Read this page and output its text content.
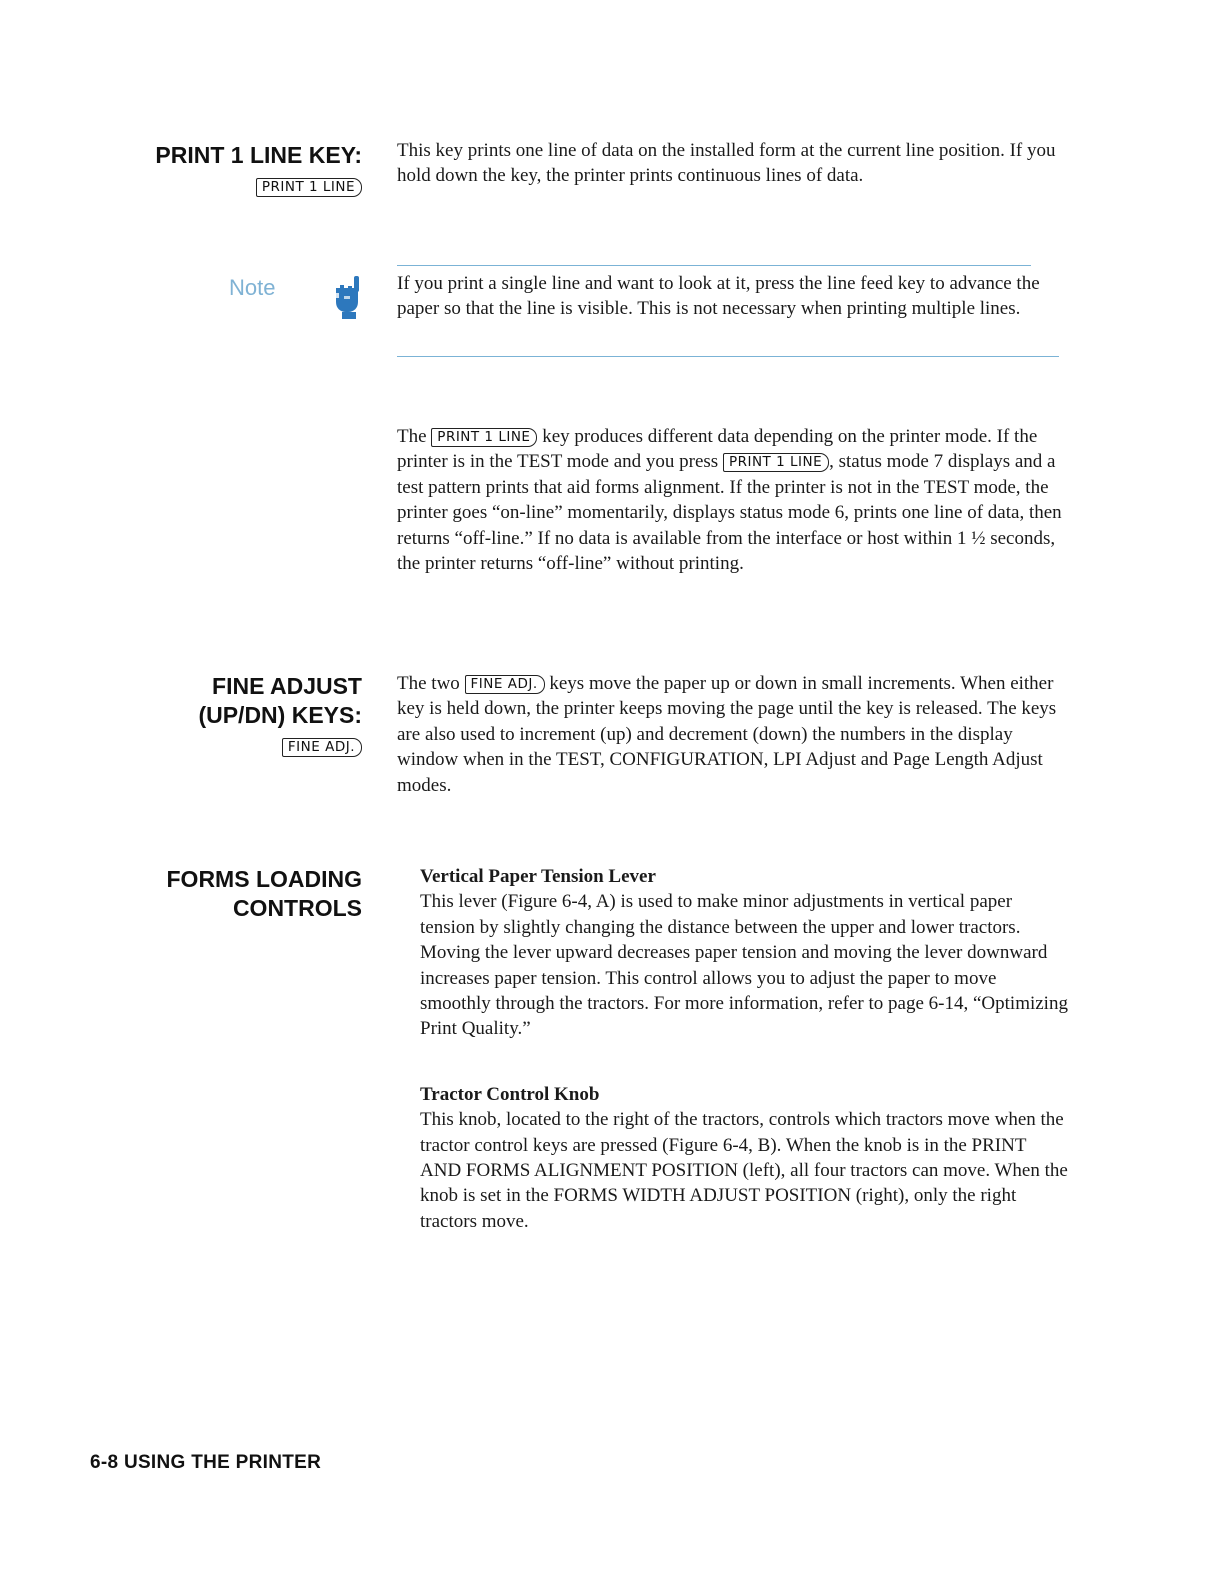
PRINT 1 LINE KEY:
PRINT 1 LINE

This key prints one line of data on the installed form at the current line position. If you hold down the key, the printer prints continuous lines of data.

Note	If you print a single line and want to look at it, press the line feed key to advance the paper so that the line is visible. This is not necessary when printing multiple lines.

The PRINT 1 LINE key produces different data depending on the printer mode. If the printer is in the TEST mode and you press PRINT 1 LINE , status mode 7 displays and a test pattern prints that aid forms alignment. If the printer is not in the TEST mode, the printer goes “on-line” momentarily, displays status mode 6, prints one line of data, then returns “off-line.” If no data is available from the interface or host within 1 ½ seconds, the printer returns “off-line” without printing.

FINE ADJUST
(UP/DN) KEYS:
FINE ADJ.

The two FINE ADJ. keys move the paper up or down in small increments. When either key is held down, the printer keeps moving the page until the key is released. The keys are also used to increment (up) and decrement (down) the numbers in the display window when in the TEST, CONFIGURATION, LPI Adjust and Page Length Adjust modes.

FORMS LOADING
CONTROLS

Vertical Paper Tension Lever

This lever (Figure 6-4, A) is used to make minor adjustments in vertical paper tension by slightly changing the distance between the upper and lower tractors. Moving the lever upward decreases paper tension and moving the lever downward increases paper tension. This control allows you to adjust the paper to move smoothly through the tractors. For more information, refer to page 6-14, “Optimizing Print Quality.”

Tractor Control Knob

This knob, located to the right of the tractors, controls which tractors move when the tractor control keys are pressed (Figure 6-4, B). When the knob is in the PRINT AND FORMS ALIGNMENT POSITION (left), all four tractors can move. When the knob is set in the FORMS WIDTH ADJUST POSITION (right), only the right tractors move.

6-8 USING THE PRINTER
